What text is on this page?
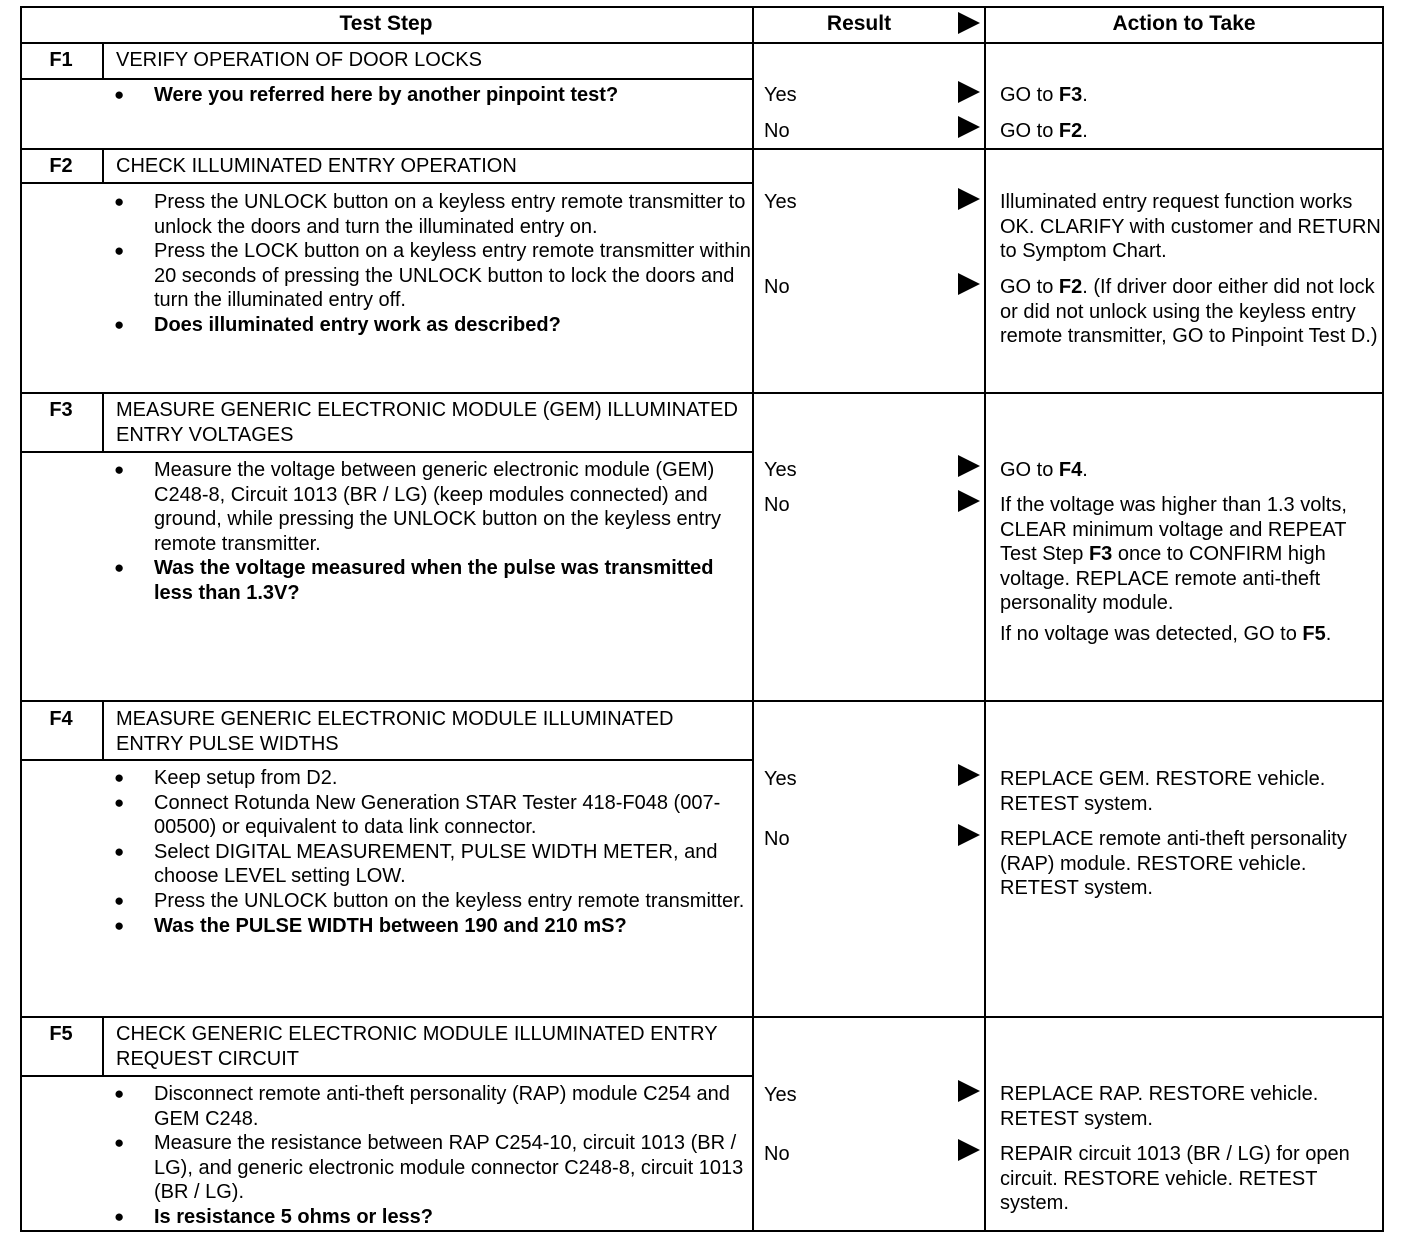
Test Step	Result	Action to Take
F1	VERIFY OPERATION OF DOOR LOCKS

● Were you referred here by another pinpoint test?	Yes	GO to F3.
No	GO to F2.
F2	CHECK ILLUMINATED ENTRY OPERATION

● Press the UNLOCK button on a keyless entry remote transmitter to unlock the doors and turn the illuminated entry on.

● Press the LOCK button on a keyless entry remote transmitter within 20 seconds of pressing the UNLOCK button to lock the doors and turn the illuminated entry off.

● Does illuminated entry work as described?

Yes	Illuminated entry request function works OK. CLARIFY with customer and RETURN to Symptom Chart.
No	GO to F2. (If driver door either did not lock or did not unlock using the keyless entry remote transmitter, GO to Pinpoint Test D.)
F3	MEASURE GENERIC ELECTRONIC MODULE (GEM) ILLUMINATED ENTRY VOLTAGES

● Measure the voltage between generic electronic module (GEM) C248-8, Circuit 1013 (BR / LG) (keep modules connected) and ground, while pressing the UNLOCK button on the keyless entry remote transmitter.

● Was the voltage measured when the pulse was transmitted less than 1.3V?

Yes	GO to F4.
No	If the voltage was higher than 1.3 volts, CLEAR minimum voltage and REPEAT Test Step F3 once to CONFIRM high voltage. REPLACE remote anti-theft personality module.

If no voltage was detected, GO to F5.

F4	MEASURE GENERIC ELECTRONIC MODULE ILLUMINATED ENTRY PULSE WIDTHS

● Keep setup from D2.

● Connect Rotunda New Generation STAR Tester 418-F048 (007-00500) or equivalent to data link connector.

● Select DIGITAL MEASUREMENT, PULSE WIDTH METER, and choose LEVEL setting LOW.

● Press the UNLOCK button on the keyless entry remote transmitter.

● Was the PULSE WIDTH between 190 and 210 mS?

Yes	REPLACE GEM. RESTORE vehicle. RETEST system.
No	REPLACE remote anti-theft personality (RAP) module. RESTORE vehicle. RETEST system.
F5	CHECK GENERIC ELECTRONIC MODULE ILLUMINATED ENTRY REQUEST CIRCUIT

● Disconnect remote anti-theft personality (RAP) module C254 and GEM C248.

● Measure the resistance between RAP C254-10, circuit 1013 (BR / LG), and generic electronic module connector C248-8, circuit 1013 (BR / LG).

● Is resistance 5 ohms or less?

Yes	REPLACE RAP. RESTORE vehicle. RETEST system.
No	REPAIR circuit 1013 (BR / LG) for open circuit. RESTORE vehicle. RETEST system.
